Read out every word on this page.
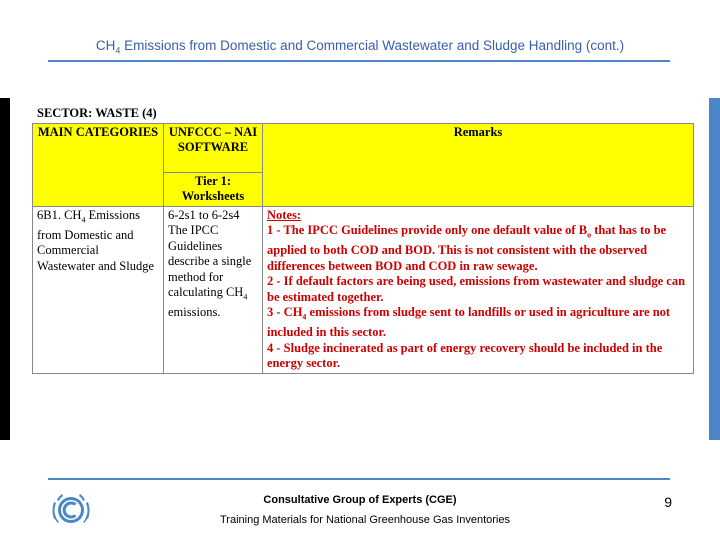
$CH_4$ Emissions from Domestic and Commercial Wastewater and Sludge Handling (cont.)
SECTOR: WASTE (4)
MAIN CATEGORIES	UNFCCC – NAI SOFTWARE	Remarks
	Tier 1: Worksheets	
6B1. $CH_4$ Emissions from Domestic and Commercial Wastewater and Sludge	6-2s1 to 6-2s4 The IPCC Guidelines describe a single method for calculating $CH_4$ emissions.	Notes:
1 - The IPCC Guidelines provide only one default value of $B_o$ that has to be applied to both COD and BOD. This is not consistent with the observed differences between BOD and COD in raw sewage.
2 - If default factors are being used, emissions from wastewater and sludge can be estimated together.
$3 - CH_4$ emissions from sludge sent to landfills or used in agriculture are not included in this sector.
4 - Sludge incinerated as part of energy recovery should be included in the energy sector.
Consultative Group of Experts (CGE)
Training Materials for National Greenhouse Gas Inventories
9
